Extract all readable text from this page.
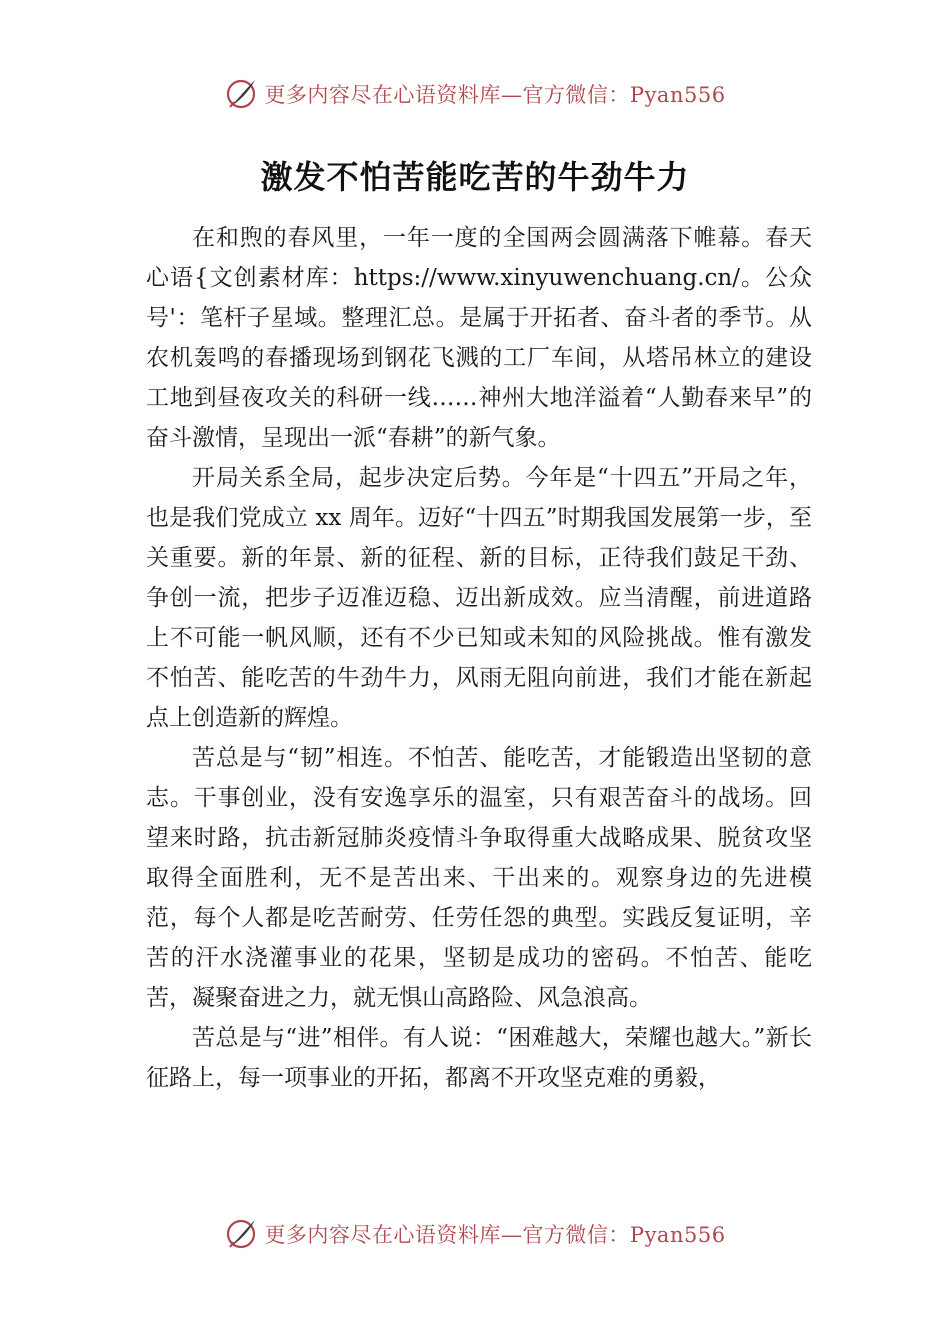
更多内容尽在心语资料库—官方微信：Pyan556
激发不怕苦能吃苦的牛劲牛力

在和煦的春风里，一年一度的全国两会圆满落下帷幕。春天心语{文创素材库：https://www.xinyuwenchuang.cn/。公众号'：笔杆子星域。整理汇总。是属于开拓者、奋斗者的季节。从农机轰鸣的春播现场到钢花飞溅的工厂车间，从塔吊林立的建设工地到昼夜攻关的科研一线……神州大地洋溢着“人勤春来早”的奋斗激情，呈现出一派“春耕”的新气象。

开局关系全局，起步决定后势。今年是“十四五”开局之年，也是我们党成立 xx 周年。迈好“十四五”时期我国发展第一步，至关重要。新的年景、新的征程、新的目标，正待我们鼓足干劲、争创一流，把步子迈准迈稳、迈出新成效。应当清醒，前进道路上不可能一帆风顺，还有不少已知或未知的风险挑战。惟有激发不怕苦、能吃苦的牛劲牛力，风雨无阻向前进，我们才能在新起点上创造新的辉煌。

苦总是与“韧”相连。不怕苦、能吃苦，才能锻造出坚韧的意志。干事创业，没有安逸享乐的温室，只有艰苦奋斗的战场。回望来时路，抗击新冠肺炎疫情斗争取得重大战略成果、脱贫攻坚取得全面胜利，无不是苦出来、干出来的。观察身边的先进模范，每个人都是吃苦耐劳、任劳任怨的典型。实践反复证明，辛苦的汗水浇灌事业的花果，坚韧是成功的密码。不怕苦、能吃苦，凝聚奋进之力，就无惧山高路险、风急浪高。

苦总是与“进”相伴。有人说：“困难越大，荣耀也越大。”新长征路上，每一项事业的开拓，都离不开攻坚克难的勇毅，

更多内容尽在心语资料库—官方微信：Pyan556
